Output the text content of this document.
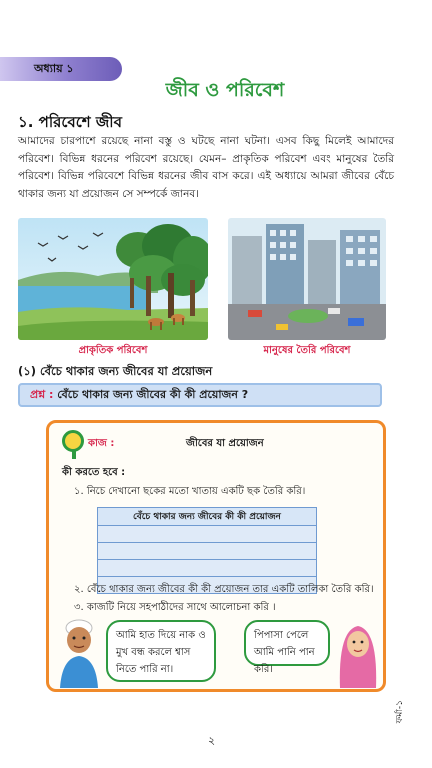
অধ্যায় ১
জীব ও পরিবেশ
১. পরিবেশে জীব
আমাদের চারপাশে রয়েছে নানা বস্তু ও ঘটছে নানা ঘটনা। এসব কিছু মিলেই আমাদের পরিবেশ। বিভিন্ন ধরনের পরিবেশ রয়েছে। যেমন– প্রাকৃতিক পরিবেশ এবং মানুষের তৈরি পরিবেশ। বিভিন্ন পরিবেশে বিভিন্ন ধরনের জীব বাস করে। এই অধ্যায়ে আমরা জীবের বেঁচে থাকার জন্য যা প্রয়োজন সে সম্পর্কে জানব।
প্রাকৃতিক পরিবেশ	মানুষের তৈরি পরিবেশ
(১) বেঁচে থাকার জন্য জীবের যা প্রয়োজন
প্রশ্ন : বেঁচে থাকার জন্য জীবের কী কী প্রয়োজন ?
কাজ :	জীবের যা প্রয়োজন
কী করতে হবে :
১. নিচে দেখানো ছকের মতো খাতায় একটি ছক তৈরি করি।
বেঁচে থাকার জন্য জীবের কী কী প্রয়োজন

২. বেঁচে থাকার জন্য জীবের কী কী প্রয়োজন তার একটি তালিকা তৈরি করি।
৩. কাজটি নিয়ে সহপাঠীদের সাথে আলোচনা করি ।
আমি হাত দিয়ে নাক ও মুখ বন্ধ করলে শ্বাস নিতে পারি না।
পিপাসা পেলে আমি পানি পান করি।
২
ফর্মা-১
